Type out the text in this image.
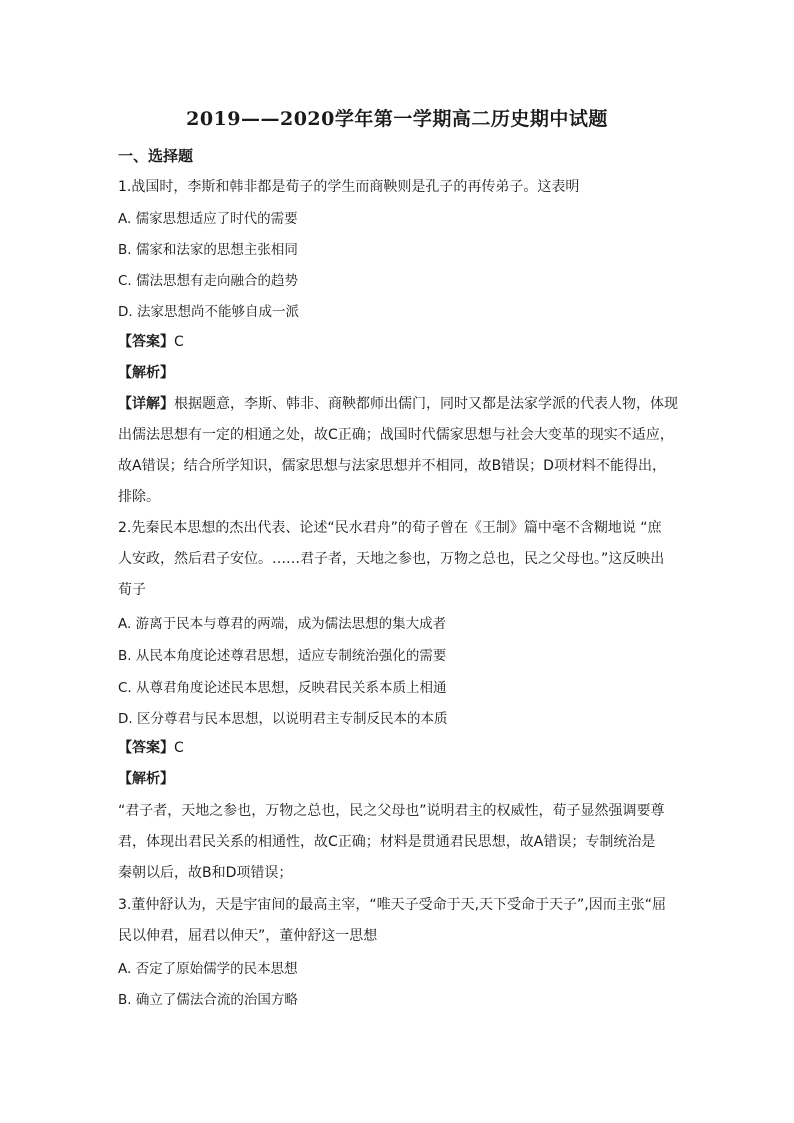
2019——2020学年第一学期高二历史期中试题
一、选择题
1.战国时，李斯和韩非都是荀子的学生而商鞅则是孔子的再传弟子。这表明
A. 儒家思想适应了时代的需要
B. 儒家和法家的思想主张相同
C. 儒法思想有走向融合的趋势
D. 法家思想尚不能够自成一派
【答案】C
【解析】
【详解】根据题意，李斯、韩非、商鞅都师出儒门，同时又都是法家学派的代表人物，体现
出儒法思想有一定的相通之处，故C正确；战国时代儒家思想与社会大变革的现实不适应，
故A错误；结合所学知识，儒家思想与法家思想并不相同，故B错误；D项材料不能得出，
排除。
2.先秦民本思想的杰出代表、论述“民水君舟”的荀子曾在《王制》篇中毫不含糊地说 “庶
人安政，然后君子安位。……君子者，天地之参也，万物之总也，民之父母也。”这反映出
荀子
A. 游离于民本与尊君的两端，成为儒法思想的集大成者
B. 从民本角度论述尊君思想，适应专制统治强化的需要
C. 从尊君角度论述民本思想，反映君民关系本质上相通
D. 区分尊君与民本思想，以说明君主专制反民本的本质
【答案】C
【解析】
“君子者，天地之参也，万物之总也，民之父母也”说明君主的权威性，荀子显然强调要尊
君，体现出君民关系的相通性，故C正确；材料是贯通君民思想，故A错误；专制统治是
秦朝以后，故B和D项错误；
3.董仲舒认为，天是宇宙间的最高主宰，“唯天子受命于天,天下受命于天子”,因而主张“屈
民以伸君，屈君以伸天”，董仲舒这一思想
A. 否定了原始儒学的民本思想
B. 确立了儒法合流的治国方略
